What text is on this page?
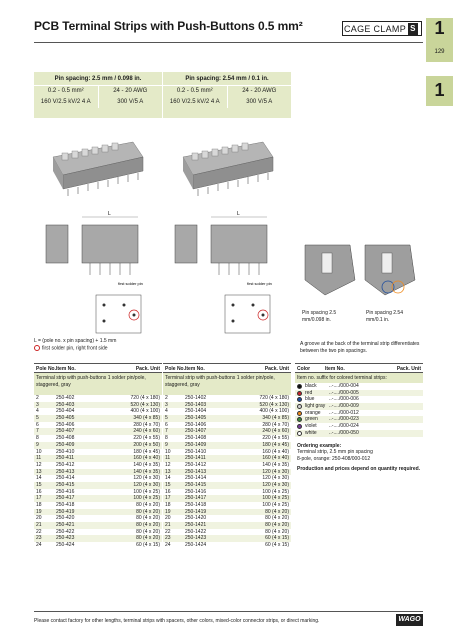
PCB Terminal Strips with Push-Buttons 0.5 mm²	CAGE CLAMP S	1
129
1
Pin spacing: 2.5 mm / 0.098 in.
0.2 - 0.5 mm²	24 - 20 AWG
160 V/2.5 kV/2 4 A	300 V/5 A
Pin spacing: 2.54 mm / 0.1 in.
0.2 - 0.5 mm²	24 - 20 AWG
160 V/2.5 kV/2 4 A	300 V/5 A
L
first solder pin
L
first solder pin
Pin spacing 2.5 mm/0.098 in.
Pin spacing 2.54 mm/0.1 in.
L = (pole no. x pin spacing) + 1.5 mm
first solder pin, right front side
A groove at the back of the terminal strip differentiates between the two pin spacings.
Pole No. Item No.	Pack. Unit
Terminal strip with push-buttons 1 solder pin/pole, staggered, gray
2	250-402	720 (4 x 180)
3	250-403	520 (4 x 130)
4	250-404	400 (4 x 100)
5	250-405	340 (4 x 85)
6	250-406	280 (4 x 70)
7	250-407	240 (4 x 60)
8	250-408	220 (4 x 55)
9	250-409	200 (4 x 50)
10	250-410	180 (4 x 45)
11	250-411	160 (4 x 40)
12	250-412	140 (4 x 35)
13	250-413	140 (4 x 35)
14	250-414	120 (4 x 30)
15	250-415	120 (4 x 30)
16	250-416	100 (4 x 25)
17	250-417	100 (4 x 25)
18	250-418	80 (4 x 20)
19	250-419	80 (4 x 20)
20	250-420	80 (4 x 20)
21	250-421	80 (4 x 20)
22	250-422	80 (4 x 20)
23	250-423	80 (4 x 20)
24	250-424	60 (4 x 15)
Pole No. Item No.	Pack. Unit
Terminal strip with push-buttons 1 solder pin/pole, staggered, gray
2	250-1402	720 (4 x 180)
3	250-1403	520 (4 x 130)
4	250-1404	400 (4 x 100)
5	250-1405	340 (4 x 85)
6	250-1406	280 (4 x 70)
7	250-1407	240 (4 x 60)
8	250-1408	220 (4 x 55)
9	250-1409	180 (4 x 45)
10	250-1410	160 (4 x 40)
11	250-1411	160 (4 x 40)
12	250-1412	140 (4 x 35)
13	250-1413	120 (4 x 30)
14	250-1414	120 (4 x 30)
15	250-1415	120 (4 x 30)
16	250-1416	100 (4 x 25)
17	250-1417	100 (4 x 25)
18	250-1418	100 (4 x 25)
19	250-1419	80 (4 x 20)
20	250-1420	80 (4 x 20)
21	250-1421	80 (4 x 20)
22	250-1422	80 (4 x 20)
23	250-1423	60 (4 x 15)
24	250-1424	60 (4 x 15)
Color	Item No.	Pack. Unit
Item no. suffix for colored terminal strips:
black	..-..../000-004
red	..-..../000-005
blue	..-..../000-006
light gray ..-..../000-009
orange	..-..../000-012
green	..-..../000-023
violet	..-..../000-024
white	..-..../000-050
Ordering example:
Terminal strip, 2.5 mm pin spacing
8-pole, orange: 250-408/000-012
Production and prices depend on quantity required.
Please contact factory for other lengths, terminal strips with spacers, other colors, mixed-color connector strips, or direct marking.	WAGO
